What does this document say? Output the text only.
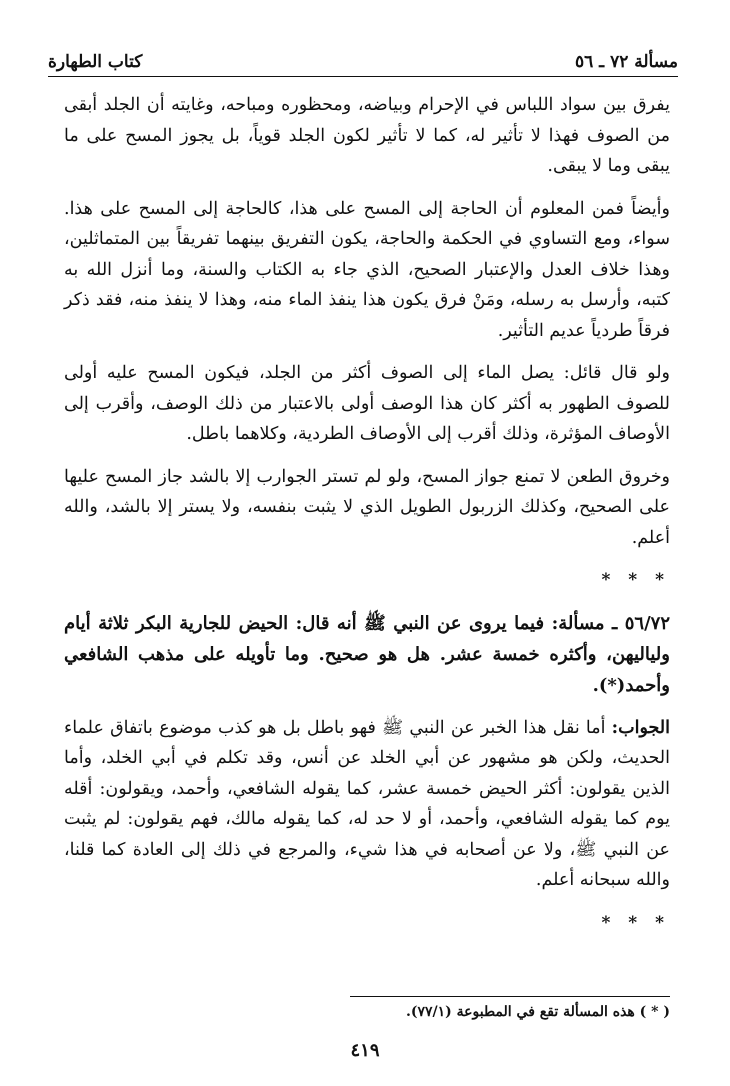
مسألة ٧٢ ـ ٥٦
كتاب الطهارة

يفرق بين سواد اللباس في الإحرام وبياضه، ومحظوره ومباحه، وغايته أن الجلد أبقى من الصوف فهذا لا تأثير له، كما لا تأثير لكون الجلد قوياً، بل يجوز المسح على ما يبقى وما لا يبقى.

وأيضاً فمن المعلوم أن الحاجة إلى المسح على هذا، كالحاجة إلى المسح على هذا. سواء، ومع التساوي في الحكمة والحاجة، يكون التفريق بينهما تفريقاً بين المتماثلين، وهذا خلاف العدل والإعتبار الصحيح، الذي جاء به الكتاب والسنة، وما أنزل الله به كتبه، وأرسل به رسله، ومَنْ فرق يكون هذا ينفذ الماء منه، وهذا لا ينفذ منه، فقد ذكر فرقاً طردياً عديم التأثير.

ولو قال قائل: يصل الماء إلى الصوف أكثر من الجلد، فيكون المسح عليه أولى للصوف الطهور به أكثر كان هذا الوصف أولى بالاعتبار من ذلك الوصف، وأقرب إلى الأوصاف المؤثرة، وذلك أقرب إلى الأوصاف الطردية، وكلاهما باطل.

وخروق الطعن لا تمنع جواز المسح، ولو لم تستر الجوارب إلا بالشد جاز المسح عليها على الصحيح، وكذلك الزربول الطويل الذي لا يثبت بنفسه، ولا يستر إلا بالشد، والله أعلم.

* * *

٥٦/٧٢ ـ مسألة: فيما يروى عن النبي ﷺ أنه قال: الحيض للجارية البكر ثلاثة أيام ولياليهن، وأكثره خمسة عشر. هل هو صحيح. وما تأويله على مذهب الشافعي وأحمد(*).

الجواب: أما نقل هذا الخبر عن النبي ﷺ فهو باطل بل هو كذب موضوع باتفاق علماء الحديث، ولكن هو مشهور عن أبي الخلد عن أنس، وقد تكلم في أبي الخلد، وأما الذين يقولون: أكثر الحيض خمسة عشر، كما يقوله الشافعي، وأحمد، ويقولون: أقله يوم كما يقوله الشافعي، وأحمد، أو لا حد له، كما يقوله مالك، فهم يقولون: لم يثبت عن النبي ﷺ، ولا عن أصحابه في هذا شيء، والمرجع في ذلك إلى العادة كما قلنا، والله سبحانه أعلم.

* * *
( * ) هذه المسألة تقع في المطبوعة (٧٧/١).
٤١٩
